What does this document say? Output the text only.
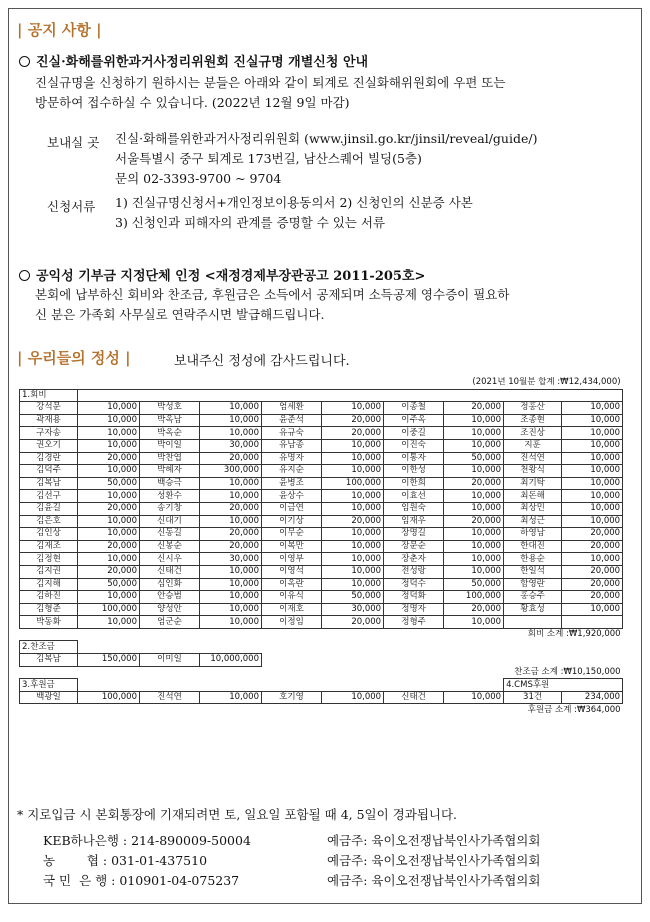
| 공지 사항 |
진실·화해를위한과거사정리위원회 진실규명 개별신청 안내
진실규명을 신청하기 원하시는 분들은 아래와 같이 퇴계로 진실화해위원회에 우편 또는
방문하여 접수하실 수 있습니다. (2022년 12월 9일 마감)
보내실 곳 진실·화해를위한과거사정리위원회 (www.jinsil.go.kr/jinsil/reveal/guide/)
서울특별시 중구 퇴계로 173번길, 남산스퀘어 빌딩(5층)
문의 02-3393-9700 ~ 9704
신청서류 1) 진실규명신청서+개인정보이용동의서 2) 신청인의 신분증 사본
3) 신청인과 피해자의 관계를 증명할 수 있는 서류
공익성 기부금 지정단체 인정 <재정경제부장관공고 2011-205호>
본회에 납부하신 회비와 찬조금, 후원금은 소득에서 공제되며 소득공제 영수증이 필요하
신 분은 가족회 사무실로 연락주시면 발급해드립니다.
| 우리들의 정성 |	보내주신 정성에 감사드립니다.
						(2021년 10월분 합계 :₩12,434,000)			
1.회비									
강석문	10,000	박성호	10,000	엄세환	10,000	이종철	20,000	정홍산	10,000
곽재용	10,000	박옥남	10,000	윤준석	20,000	이주옥	10,000	조종현	10,000
구자송	10,000	박옥순	10,000	유규숙	20,000	이중길	10,000	조진상	10,000
권오기	10,000	박이일	30,000	유남종	10,000	이진숙	10,000	지훈	10,000
김경란	20,000	박찬엽	20,000	유명자	10,000	이통자	50,000	진석연	10,000
김덕주	10,000	박혜자	300,000	유지순	10,000	이한성	10,000	천왕식	10,000
김복남	50,000	백승극	10,000	윤병조	100,000	이한희	20,000	최기탁	10,000
김선구	10,000	성환수	10,000	윤상수	10,000	이효선	10,000	최돈해	10,000
김윤길	20,000	송기창	20,000	이금연	10,000	임원숙	10,000	최상민	10,000
김은호	10,000	신대기	10,000	이기상	20,000	임재우	20,000	최성근	10,000
김인상	10,000	신동길	20,000	이무순	10,000	장명길	10,000	하영남	20,000
김재조	20,000	신봉순	20,000	이복만	10,000	장문순	10,000	한대진	20,000
김정현	10,000	신시우	30,000	이영부	10,000	장춘자	10,000	한용순	10,000
김지권	20,000	신태건	10,000	이영석	10,000	전성랑	10,000	한일석	20,000
김지해	50,000	심인화	10,000	이옥란	10,000	정덕수	50,000	함영란	20,000
김하진	10,000	안승범	10,000	이유식	50,000	정덕화	100,000	홍승주	20,000
김형준	100,000	양성안	10,000	이재호	30,000	정명자	20,000	황효성	10,000
박동화	10,000	엄군순	10,000	이정임	20,000	정형주	10,000		
							회비 소계 :₩1,920,000		
2.찬조금									
김복남	150,000	이미일	10,000,000						
							찬조금 소계 :₩10,150,000		
3.후원금								4.CMS후원	
백광일	100,000	진석연	10,000	호기영	10,000	신태건	10,000	31건	234,000
							후원금 소계 :₩364,000		
* 지로입금 시 본회통장에 기재되려면 토, 일요일 포함될 때 4, 5일이 경과됩니다.
KEB하나은행 : 214-890009-50004	예금주: 육이오전쟁납북인사가족협의회
농        협 : 031-01-437510	예금주: 육이오전쟁납북인사가족협의회
국 민  은 행 : 010901-04-075237	예금주: 육이오전쟁납북인사가족협의회
